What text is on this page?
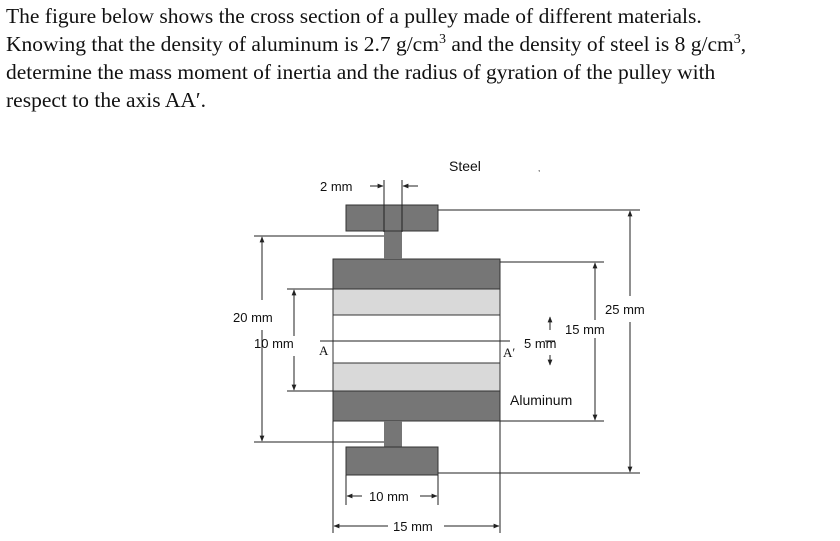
The figure below shows the cross section of a pulley made of different materials.
Knowing that the density of aluminum is 2.7 $g/cm^3$ and the density of steel is 8 $g/cm^3$,
determine the mass moment of inertia and the radius of gyration of the pulley with
respect to the axis AA′.

A	A′
Steel	,
2 mm
20 mm
10 mm
25 mm
15 mm
5 mm
Aluminum
10 mm
15 mm
